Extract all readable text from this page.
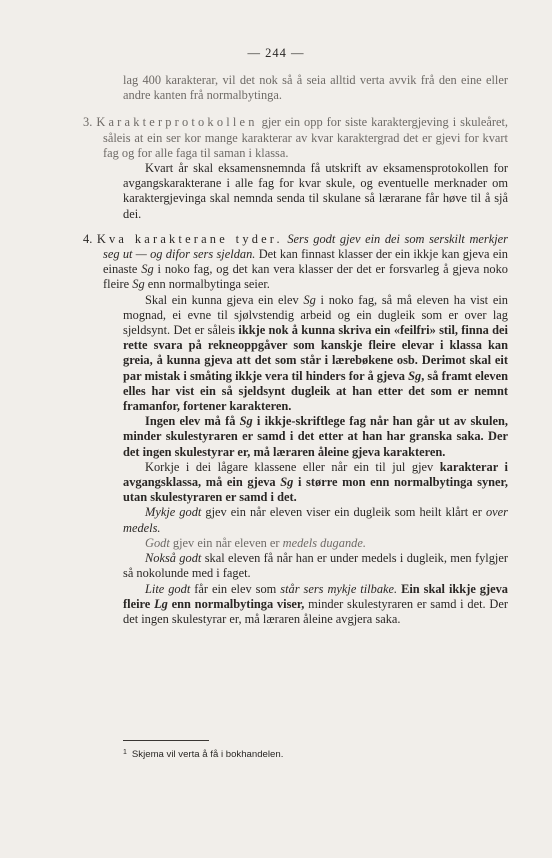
— 244 —

lag 400 karakterar, vil det nok så å seia alltid verta avvik frå den eine eller andre kanten frå normalbytinga.

3. Karakterprotokollen gjer ein opp for siste karaktergjeving i skuleåret, såleis at ein ser kor mange karakterar av kvar karaktergrad det er gjevi for kvart fag og for alle faga til saman i klassa.

Kvart år skal eksamensnemnda få utskrift av eksamensprotokollen for avgangskarakterane i alle fag for kvar skule, og eventuelle merknader om karaktergjevinga skal nemnda senda til skulane så lærarane får høve til å sjå dei.

4. Kva karakterane tyder. Sers godt gjev ein dei som serskilt merkjer seg ut — og difor sers sjeldan. Det kan finnast klasser der ein ikkje kan gjeva ein einaste Sg i noko fag, og det kan vera klasser der det er forsvarleg å gjeva noko fleire Sg enn normalbytinga seier.

Skal ein kunna gjeva ein elev Sg i noko fag, så må eleven ha vist ein mognad, ei evne til sjølvstendig arbeid og ein dugleik som er over lag sjeldsynt. Det er såleis ikkje nok å kunna skriva ein «feilfri» stil, finna dei rette svara på rekneoppgåver som kanskje fleire elevar i klassa kan greia, å kunna gjeva att det som står i lærebøkene osb. Derimot skal eit par mistak i småting ikkje vera til hinders for å gjeva Sg, så framt eleven elles har vist ein så sjeldsynt dugleik at han etter det som er nemnt framanfor, fortener karakteren.

Ingen elev må få Sg i ikkje-skriftlege fag når han går ut av skulen, minder skulestyraren er samd i det etter at han har granska saka. Der det ingen skulestyrar er, må læraren åleine gjeva karakteren.

Korkje i dei lågare klassene eller når ein til jul gjev karakterar i avgangsklassa, må ein gjeva Sg i større mon enn normalbytinga syner, utan skulestyraren er samd i det.

Mykje godt gjev ein når eleven viser ein dugleik som heilt klårt er over medels.

Godt gjev ein når eleven er medels dugande.

Nokså godt skal eleven få når han er under medels i dugleik, men fylgjer så nokolunde med i faget.

Lite godt får ein elev som står sers mykje tilbake. Ein skal ikkje gjeva fleire Lg enn normalbytinga viser, minder skulestyraren er samd i det. Der det ingen skulestyrar er, må læraren åleine avgjera saka.

$^1$ Skjema vil verta å få i bokhandelen.
